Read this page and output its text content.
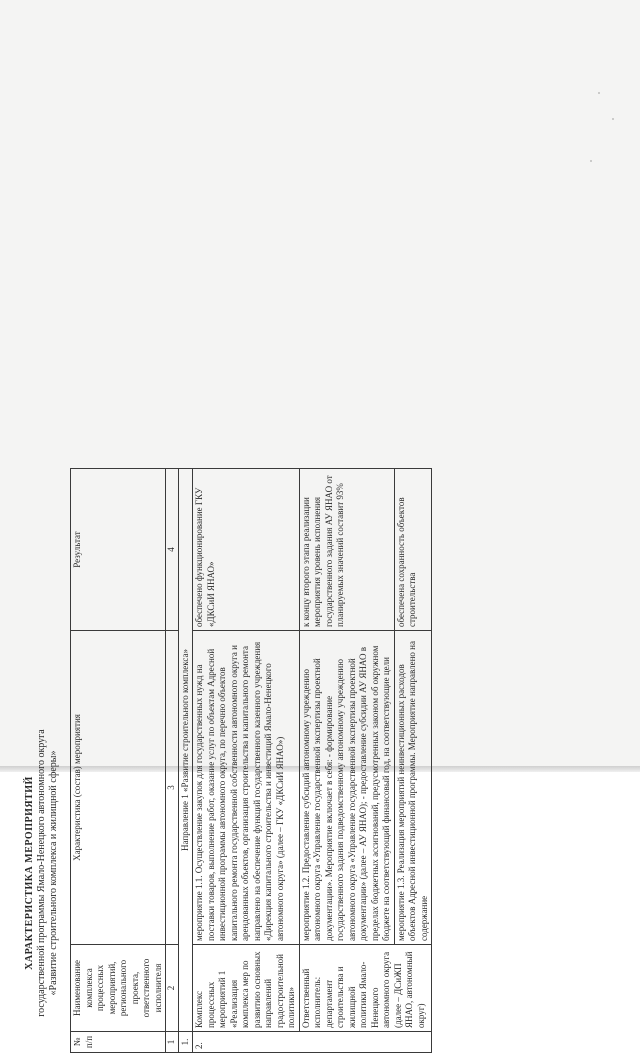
ХАРАКТЕРИСТИКА МЕРОПРИЯТИЙ государственной программы Ямало-Ненецкого автономного округа «Развитие строительного комплекса и жилищной сферы»
№ п/п	Наименование комплекса процессных мероприятий, регионального проекта, ответственного исполнителя	Характеристика (состав) мероприятия	Результат
1	2	3	4
1.	Направление 1 «Развитие строительного комплекса»		
2.	Комплекс процессных мероприятий 1 «Реализация комплекса мер по развитию основных направлений градостроительной политики»	мероприятие 1.1. Осуществление закупок для государственных нужд на поставки товаров, выполнение работ, оказание услуг по объектам Адресной инвестиционной программы автономного округа, по перечню объектов капитального ремонта государственной собственности автономного округа и арендованных объектов, организация строительства и капитального ремонта направлено на обеспечение функций государственного казенного учреждения «Дирекция капитального строительства и инвестиций Ямало-Ненецкого автономного округа» (далее – ГКУ «ДКСиИ ЯНАО»)	обеспечено функционирование ГКУ «ДКСиИ ЯНАО»
	Ответственный исполнитель: департамент строительства и жилищной политики Ямало-Ненецкого автономного округа (далее – ДСиЖП ЯНАО, автономный округ)	мероприятие 1.2. Предоставление субсидий автономному учреждению автономного округа «Управление государственной экспертизы проектной документации». Мероприятие включает в себя: - формирование государственного задания подведомственному автономному учреждению автономного округа «Управление государственной экспертизы проектной документации» (далее – АУ ЯНАО); - предоставление субсидии АУ ЯНАО в пределах бюджетных ассигнований, предусмотренных законом об окружном бюджете на соответствующий финансовый год, на соответствующие цели	к концу второго этапа реализации мероприятия уровень исполнения государственного задания АУ ЯНАО от планируемых значений составит 93%
		мероприятие 1.3. Реализация мероприятий неинвестиционных расходов объектов Адресной инвестиционной программы. Мероприятие направлено на содержание	обеспечена сохранность объектов строительства
